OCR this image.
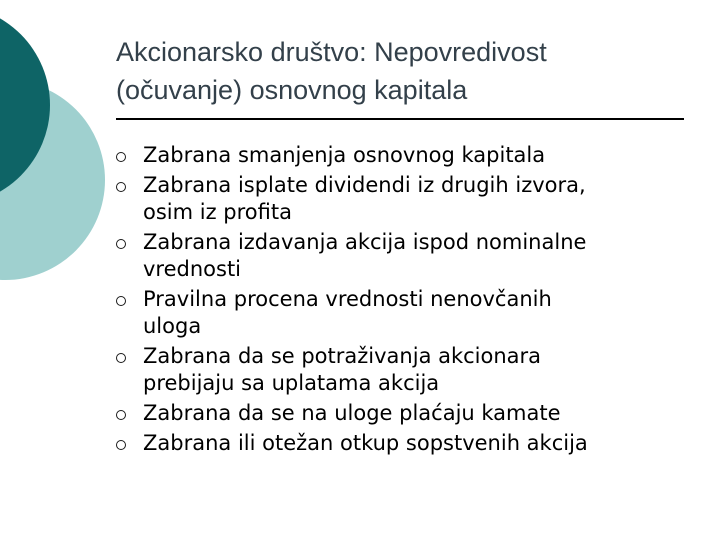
Akcionarsko društvo: Nepovredivost
(očuvanje) osnovnog kapitala
Zabrana smanjenja osnovnog kapitala
Zabrana isplate dividendi iz drugih izvora,
osim iz profita
Zabrana izdavanja akcija ispod nominalne
vrednosti
Pravilna procena vrednosti nenovčanih
uloga
Zabrana da se potraživanja akcionara
prebijaju sa uplatama akcija
Zabrana da se na uloge plaćaju kamate
Zabrana ili otežan otkup sopstvenih akcija
